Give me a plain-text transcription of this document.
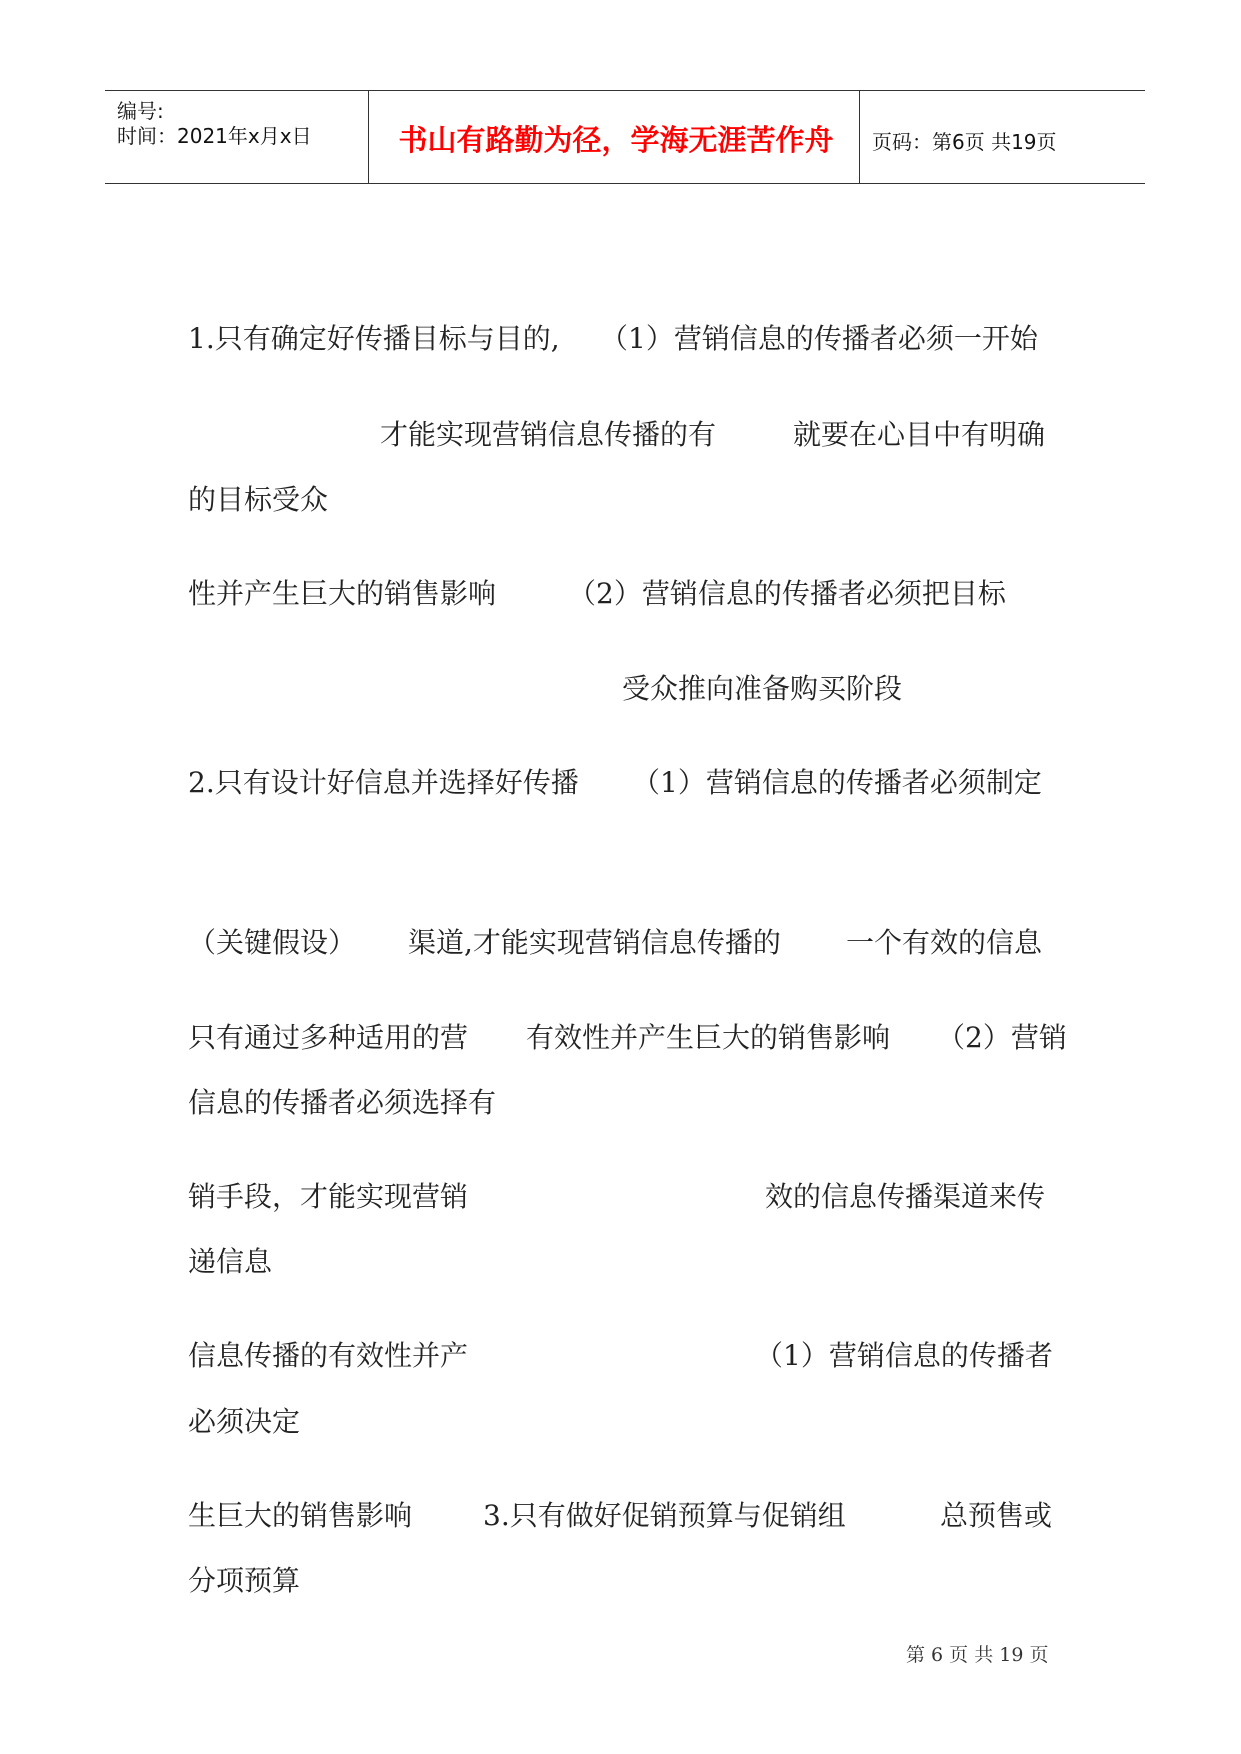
编号:
时间：2021年x月x日	书山有路勤为径，学海无涯苦作舟	页码：第6页 共19页
1.只有确定好传播目标与目的, （1）营销信息的传播者必须一开始
才能实现营销信息传播的有	就要在心目中有明确
的目标受众
性并产生巨大的销售影响	（2）营销信息的传播者必须把目标
受众推向准备购买阶段
2.只有设计好信息并选择好传播 （1）营销信息的传播者必须制定
（关键假设） 渠道,才能实现营销信息传播的 一个有效的信息
只有通过多种适用的营 有效性并产生巨大的销售影响 （2）营销
信息的传播者必须选择有
销手段，才能实现营销	效的信息传播渠道来传
递信息
信息传播的有效性并产	（1）营销信息的传播者
必须决定
生巨大的销售影响	3.只有做好促销预算与促销组	总预售或
分项预算
第 6 页 共 19 页
